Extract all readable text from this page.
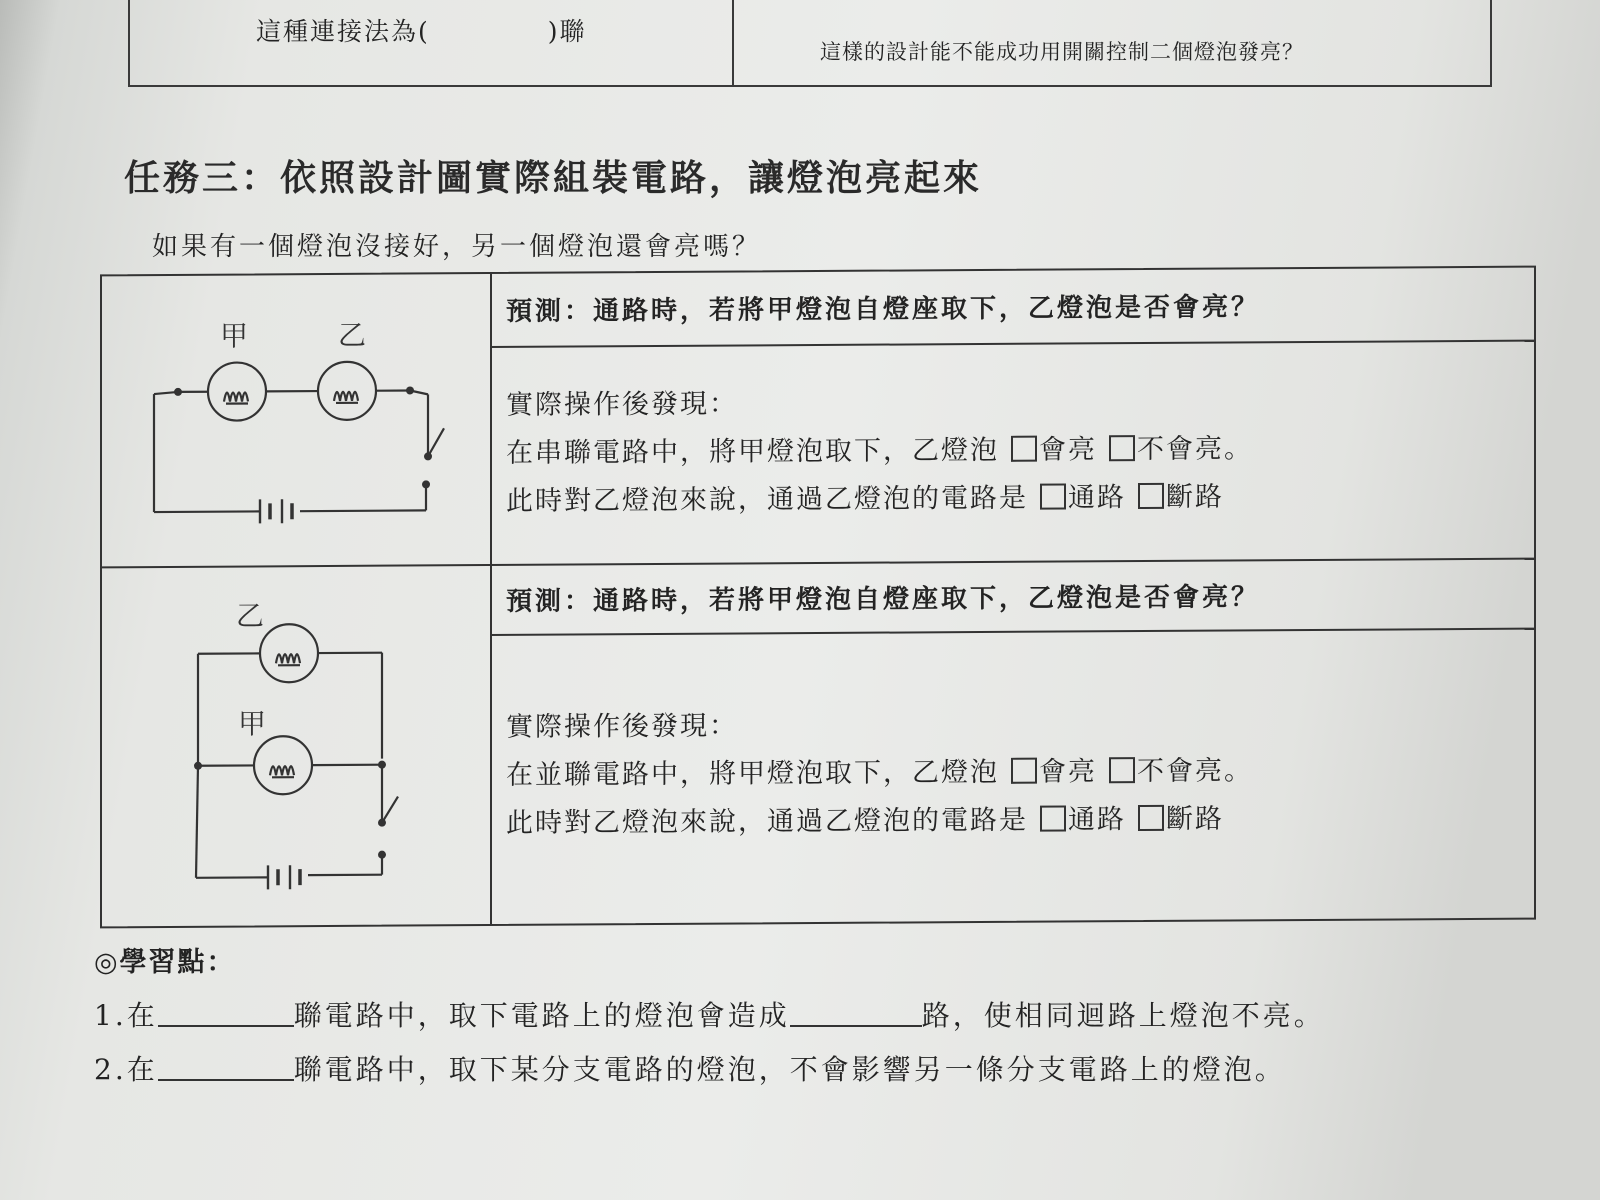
這種連接法為(	)聯
這樣的設計能不能成功用開關控制二個燈泡發亮？
任務三：依照設計圖實際組裝電路，讓燈泡亮起來
如果有一個燈泡沒接好，另一個燈泡還會亮嗎？
甲	乙
乙
甲
預測：通路時，若將甲燈泡自燈座取下，乙燈泡是否會亮？
實際操作後發現：
在串聯電路中，將甲燈泡取下，乙燈泡 會亮 不會亮。
此時對乙燈泡來說，通過乙燈泡的電路是 通路 斷路
預測：通路時，若將甲燈泡自燈座取下，乙燈泡是否會亮？
實際操作後發現：
在並聯電路中，將甲燈泡取下，乙燈泡 會亮 不會亮。
此時對乙燈泡來說，通過乙燈泡的電路是 通路 斷路
◎學習點：
1.在	聯電路中，取下電路上的燈泡會造成	路，使相同迴路上燈泡不亮。
2.在	聯電路中，取下某分支電路的燈泡，不會影響另一條分支電路上的燈泡。
